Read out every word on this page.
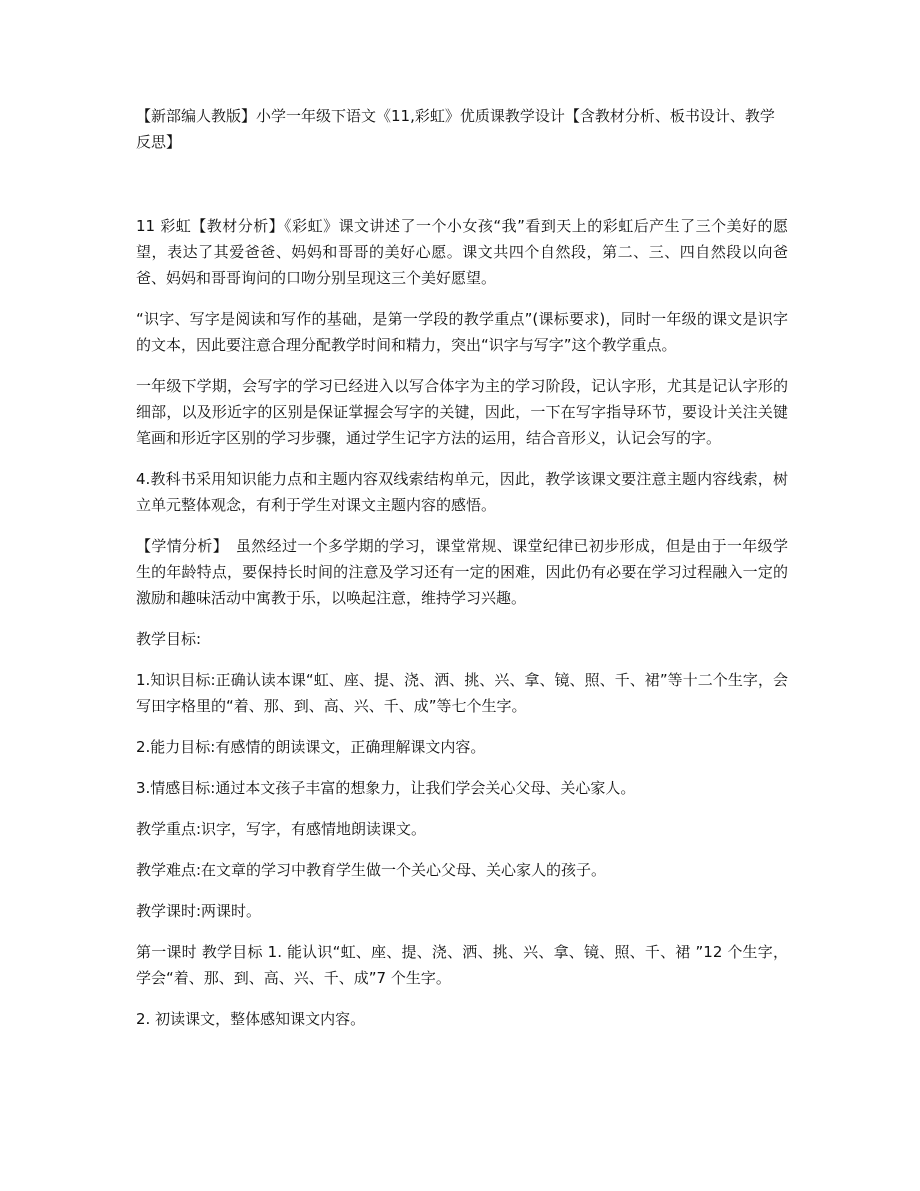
【新部编人教版】小学一年级下语文《11,彩虹》优质课教学设计【含教材分析、板书设计、教学反思】

11 彩虹【教材分析】《彩虹》课文讲述了一个小女孩“我”看到天上的彩虹后产生了三个美好的愿望，表达了其爱爸爸、妈妈和哥哥的美好心愿。课文共四个自然段，第二、三、四自然段以向爸爸、妈妈和哥哥询问的口吻分别呈现这三个美好愿望。

“识字、写字是阅读和写作的基础，是第一学段的教学重点”(课标要求)，同时一年级的课文是识字的文本，因此要注意合理分配教学时间和精力，突出“识字与写字”这个教学重点。

一年级下学期，会写字的学习已经进入以写合体字为主的学习阶段，记认字形，尤其是记认字形的细部，以及形近字的区别是保证掌握会写字的关键，因此，一下在写字指导环节，要设计关注关键笔画和形近字区别的学习步骤，通过学生记字方法的运用，结合音形义，认记会写的字。

4.教科书采用知识能力点和主题内容双线索结构单元，因此，教学该课文要注意主题内容线索，树立单元整体观念，有利于学生对课文主题内容的感悟。

【学情分析】　虽然经过一个多学期的学习，课堂常规、课堂纪律已初步形成，但是由于一年级学生的年龄特点，要保持长时间的注意及学习还有一定的困难，因此仍有必要在学习过程融入一定的激励和趣味活动中寓教于乐，以唤起注意，维持学习兴趣。

教学目标:

1.知识目标:正确认读本课“虹、座、提、浇、洒、挑、兴、拿、镜、照、千、裙”等十二个生字，会写田字格里的“着、那、到、高、兴、千、成”等七个生字。

2.能力目标:有感情的朗读课文，正确理解课文内容。

3.情感目标:通过本文孩子丰富的想象力，让我们学会关心父母、关心家人。

教学重点:识字，写字，有感情地朗读课文。

教学难点:在文章的学习中教育学生做一个关心父母、关心家人的孩子。

教学课时:两课时。

第一课时 教学目标 1. 能认识“虹、座、提、浇、洒、挑、兴、拿、镜、照、千、裙 ”12 个生字，学会“着、那、到、高、兴、千、成”7 个生字。

2. 初读课文，整体感知课文内容。
